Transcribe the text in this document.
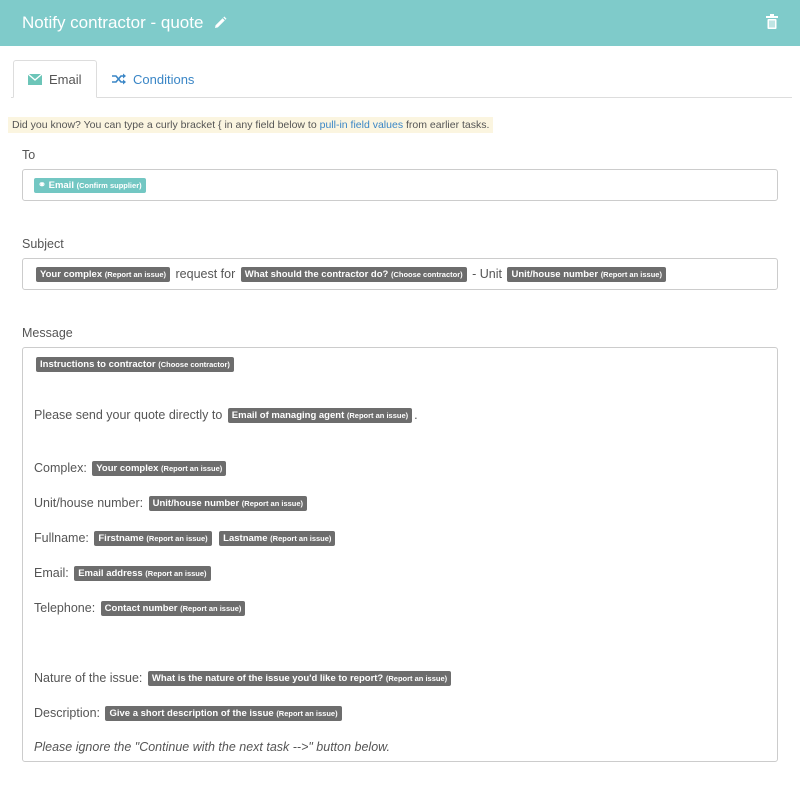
Notify contractor - quote
Email	Conditions
Did you know? You can type a curly bracket { in any field below to pull-in field values from earlier tasks.
To
⚭ Email (Confirm supplier)
Subject
Your complex (Report an issue) request for What should the contractor do? (Choose contractor) - Unit Unit/house number (Report an issue)
Message
Instructions to contractor (Choose contractor)
Please send your quote directly to Email of managing agent (Report an issue) .
Complex: Your complex (Report an issue)
Unit/house number: Unit/house number (Report an issue)
Fullname: Firstname (Report an issue) Lastname (Report an issue)
Email: Email address (Report an issue)
Telephone: Contact number (Report an issue)
Nature of the issue: What is the nature of the issue you'd like to report? (Report an issue)
Description: Give a short description of the issue (Report an issue)
Please ignore the "Continue with the next task -->" button below.
